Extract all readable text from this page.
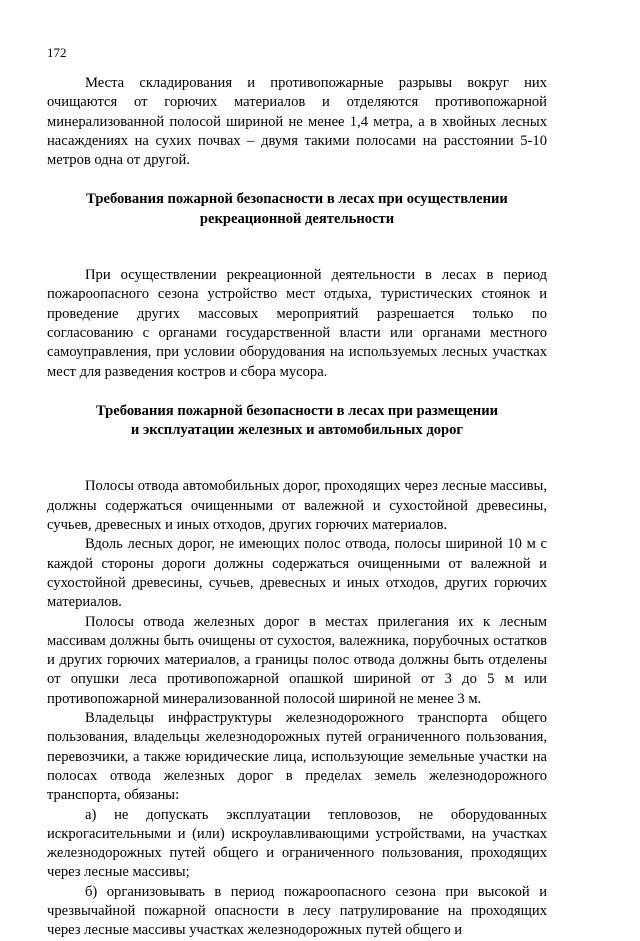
172

Места складирования и противопожарные разрывы вокруг них очищаются от горючих материалов и отделяются противопожарной минерализованной полосой шириной не менее 1,4 метра, а в хвойных лесных насаждениях на сухих почвах – двумя такими полосами на расстоянии 5-10 метров одна от другой.

Требования пожарной безопасности в лесах при осуществлении
рекреационной деятельности

При осуществлении рекреационной деятельности в лесах в период пожароопасного сезона устройство мест отдыха, туристических стоянок и проведение других массовых мероприятий разрешается только по согласованию с органами государственной власти или органами местного самоуправления, при условии оборудования на используемых лесных участках мест для разведения костров и сбора мусора.

Требования пожарной безопасности в лесах при размещении
и эксплуатации железных и автомобильных дорог

Полосы отвода автомобильных дорог, проходящих через лесные массивы, должны содержаться очищенными от валежной и сухостойной древесины, сучьев, древесных и иных отходов, других горючих материалов.

Вдоль лесных дорог, не имеющих полос отвода, полосы шириной 10 м с каждой стороны дороги должны содержаться очищенными от валежной и сухостойной древесины, сучьев, древесных и иных отходов, других горючих материалов.

Полосы отвода железных дорог в местах прилегания их к лесным массивам должны быть очищены от сухостоя, валежника, порубочных остатков и других горючих материалов, а границы полос отвода должны быть отделены от опушки леса противопожарной опашкой шириной от 3 до 5 м или противопожарной минерализованной полосой шириной не менее 3 м.

Владельцы инфраструктуры железнодорожного транспорта общего пользования, владельцы железнодорожных путей ограниченного пользования, перевозчики, а также юридические лица, использующие земельные участки на полосах отвода железных дорог в пределах земель железнодорожного транспорта, обязаны:

а) не допускать эксплуатации тепловозов, не оборудованных искрогасительными и (или) искроулавливающими устройствами, на участках железнодорожных путей общего и ограниченного пользования, проходящих через лесные массивы;

б) организовывать в период пожароопасного сезона при высокой и чрезвычайной пожарной опасности в лесу патрулирование на проходящих через лесные массивы участках железнодорожных путей общего и
